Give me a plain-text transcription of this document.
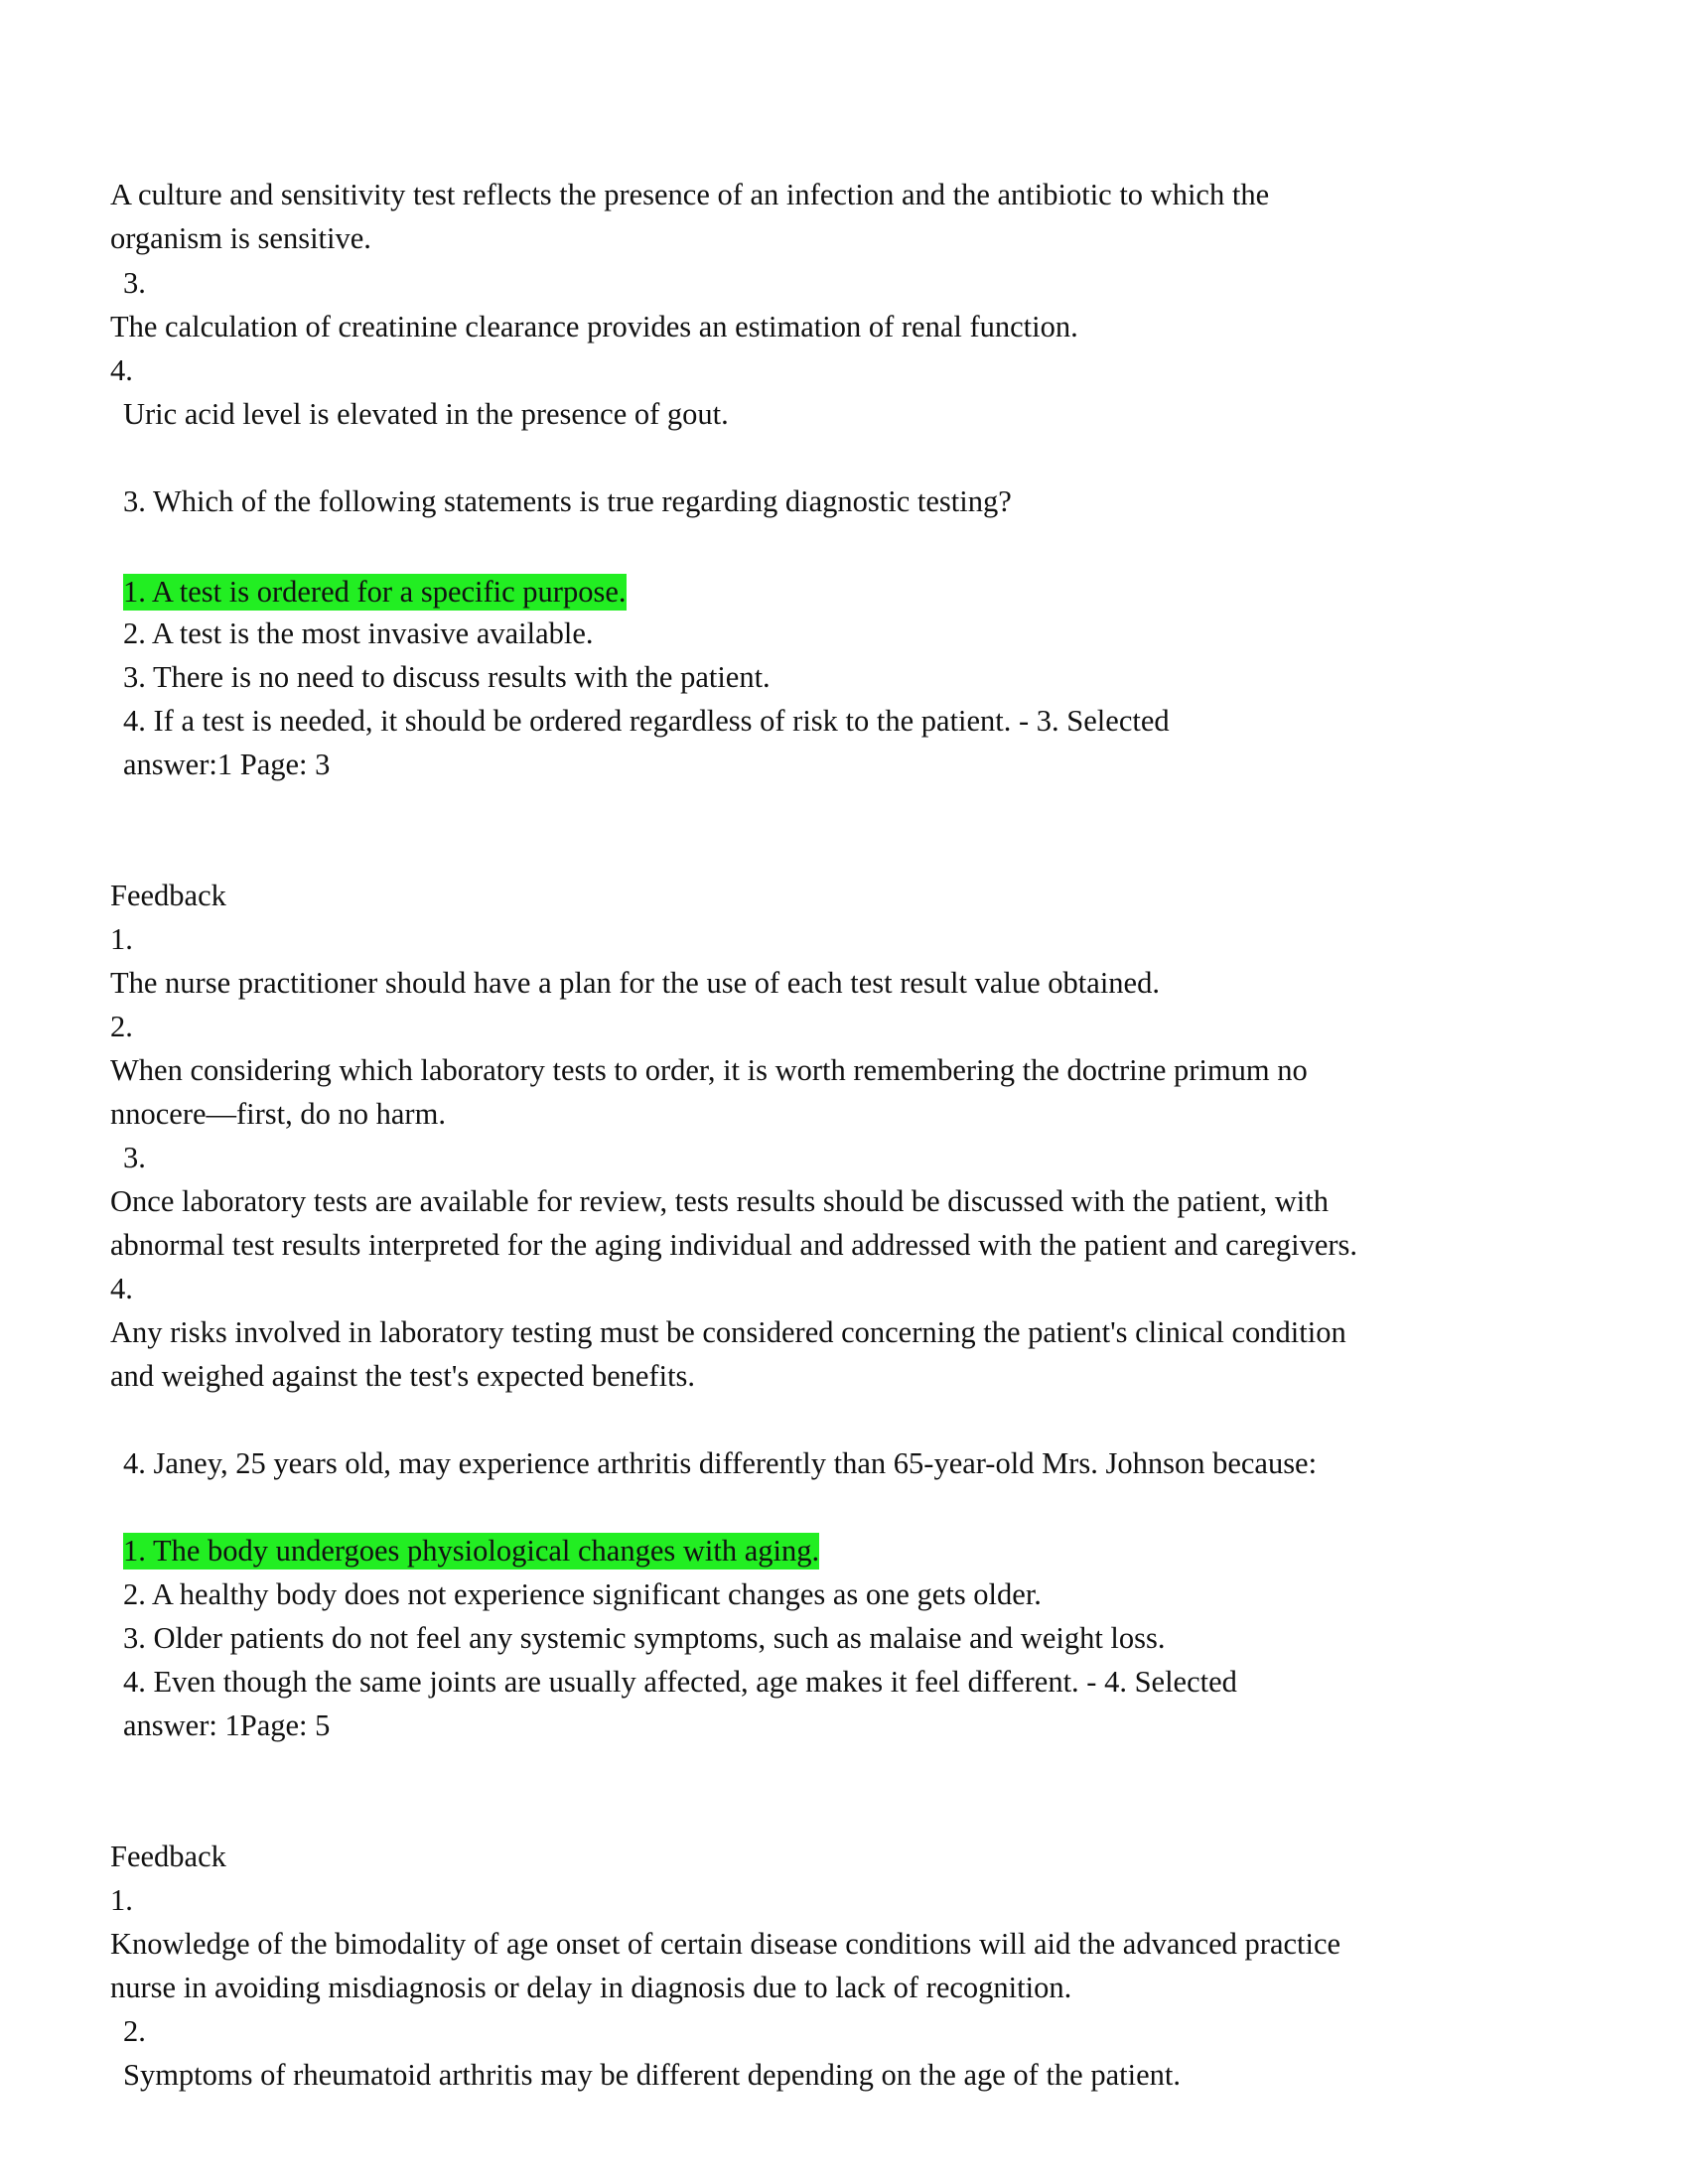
A culture and sensitivity test reflects the presence of an infection and the antibiotic to which the
organism is sensitive.
3.
The calculation of creatinine clearance provides an estimation of renal function.
4.
Uric acid level is elevated in the presence of gout.
3. Which of the following statements is true regarding diagnostic testing?
1. A test is ordered for a specific purpose.
2. A test is the most invasive available.
3. There is no need to discuss results with the patient.
4. If a test is needed, it should be ordered regardless of risk to the patient. - 3. Selected
answer:1 Page: 3
Feedback
1.
The nurse practitioner should have a plan for the use of each test result value obtained.
2.
When considering which laboratory tests to order, it is worth remembering the doctrine primum no
nnocere—first, do no harm.
3.
Once laboratory tests are available for review, tests results should be discussed with the patient, with
abnormal test results interpreted for the aging individual and addressed with the patient and caregivers.
4.
Any risks involved in laboratory testing must be considered concerning the patient's clinical condition
and weighed against the test's expected benefits.
4. Janey, 25 years old, may experience arthritis differently than 65-year-old Mrs. Johnson because:
1. The body undergoes physiological changes with aging.
2. A healthy body does not experience significant changes as one gets older.
3. Older patients do not feel any systemic symptoms, such as malaise and weight loss.
4. Even though the same joints are usually affected, age makes it feel different. - 4. Selected
answer: 1Page: 5
Feedback
1.
Knowledge of the bimodality of age onset of certain disease conditions will aid the advanced practice
nurse in avoiding misdiagnosis or delay in diagnosis due to lack of recognition.
2.
Symptoms of rheumatoid arthritis may be different depending on the age of the patient.
